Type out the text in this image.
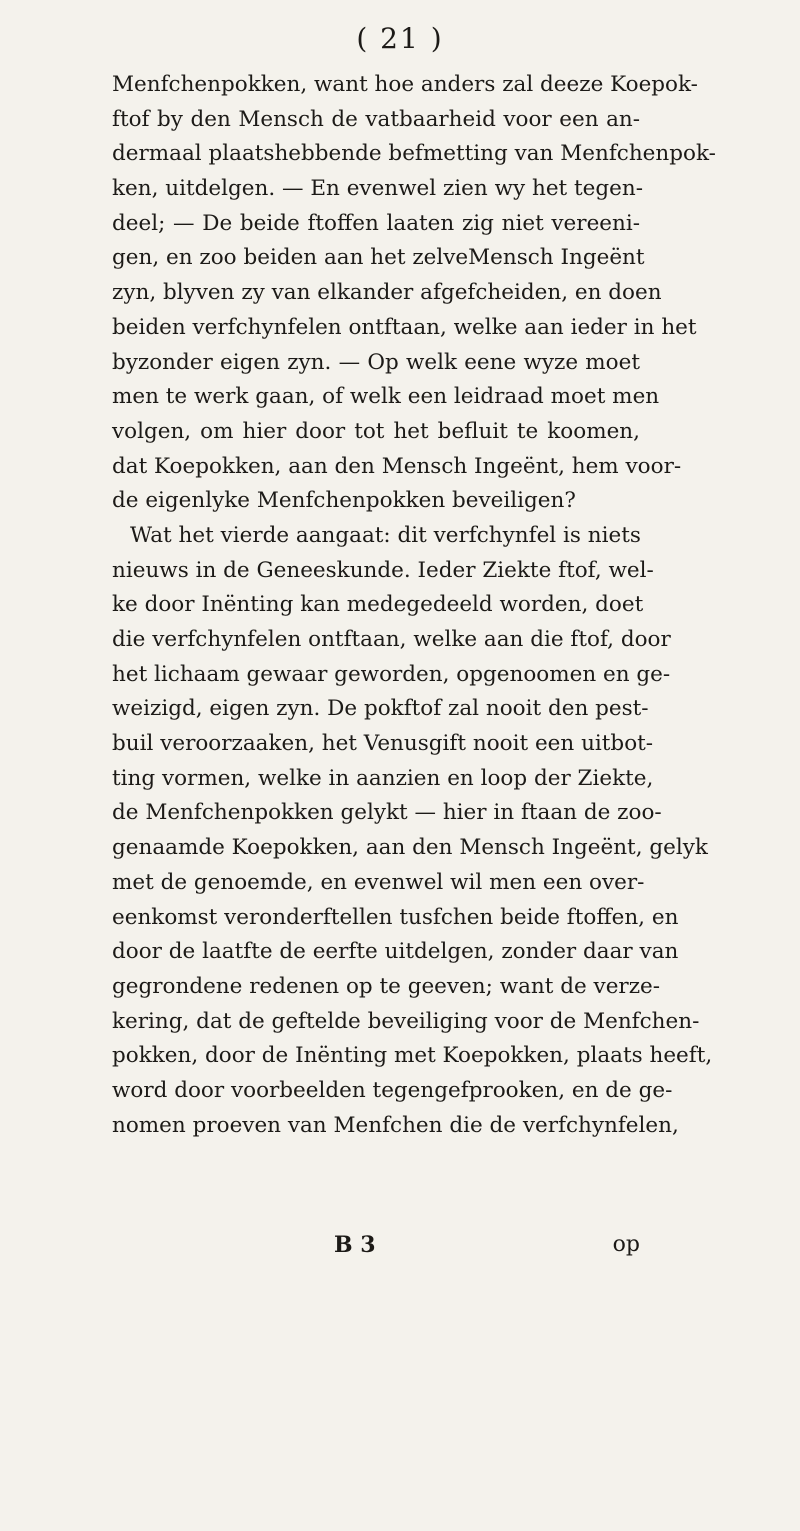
( 21 )
Menfchenpokken, want hoe anders zal deeze Koepok-
ftof by den Mensch de vatbaarheid voor een an-
dermaal plaatshebbende befmetting van Menfchenpok-
ken, uitdelgen. — En evenwel zien wy het tegen-
deel; — De beide ftoffen laaten zig niet vereeni-
gen, en zoo beiden aan het zelveMensch Ingeënt
zyn, blyven zy van elkander afgefcheiden, en doen
beiden verfchynfelen ontftaan, welke aan ieder in het
byzonder eigen zyn. — Op welk eene wyze moet
men te werk gaan, of welk een leidraad moet men
volgen, om hier door tot het befluit te koomen,
dat Koepokken, aan den Mensch Ingeënt, hem voor-
de eigenlyke Menfchenpokken beveiligen?
Wat het vierde aangaat: dit verfchynfel is niets
nieuws in de Geneeskunde. Ieder Ziekte ftof, wel-
ke door Inënting kan medegedeeld worden, doet
die verfchynfelen ontftaan, welke aan die ftof, door
het lichaam gewaar geworden, opgenoomen en ge-
weizigd, eigen zyn. De pokftof zal nooit den pest-
buil veroorzaaken, het Venusgift nooit een uitbot-
ting vormen, welke in aanzien en loop der Ziekte,
de Menfchenpokken gelykt — hier in ftaan de zoo-
genaamde Koepokken, aan den Mensch Ingeënt, gelyk
met de genoemde, en evenwel wil men een over-
eenkomst veronderftellen tusfchen beide ftoffen, en
door de laatfte de eerfte uitdelgen, zonder daar van
gegrondene redenen op te geeven; want de verze-
kering, dat de geftelde beveiliging voor de Menfchen-
pokken, door de Inënting met Koepokken, plaats heeft,
word door voorbeelden tegengefprooken, en de ge-
nomen proeven van Menfchen die de verfchynfelen,
B 3	op
